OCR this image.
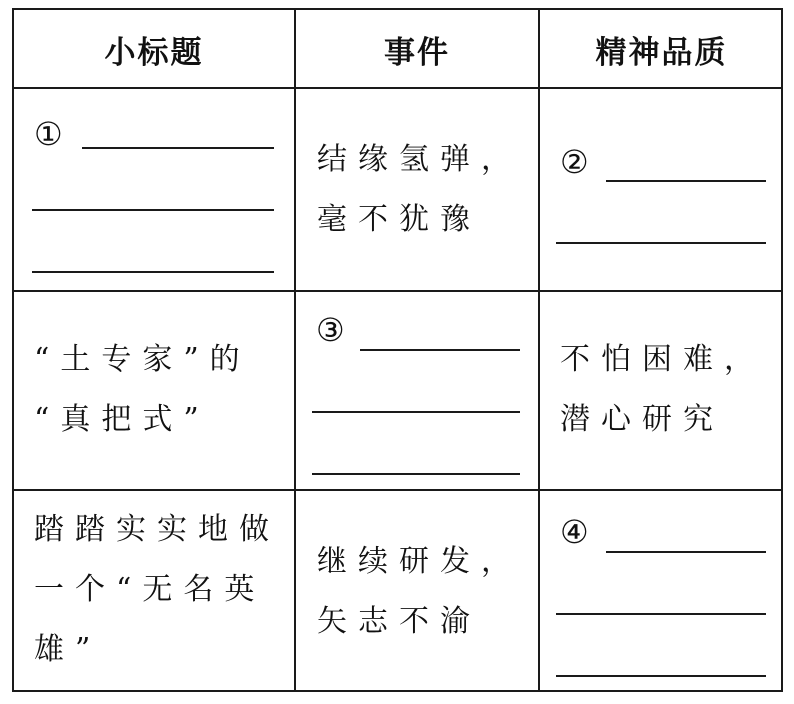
小标题	事件	精神品质
①
结缘氢弹，
毫不犹豫
②
“土专家”的
“真把式”
③
不怕困难，
潜心研究
踏踏实实地做
一个“无名英
雄”
继续研发，
矢志不渝
④
